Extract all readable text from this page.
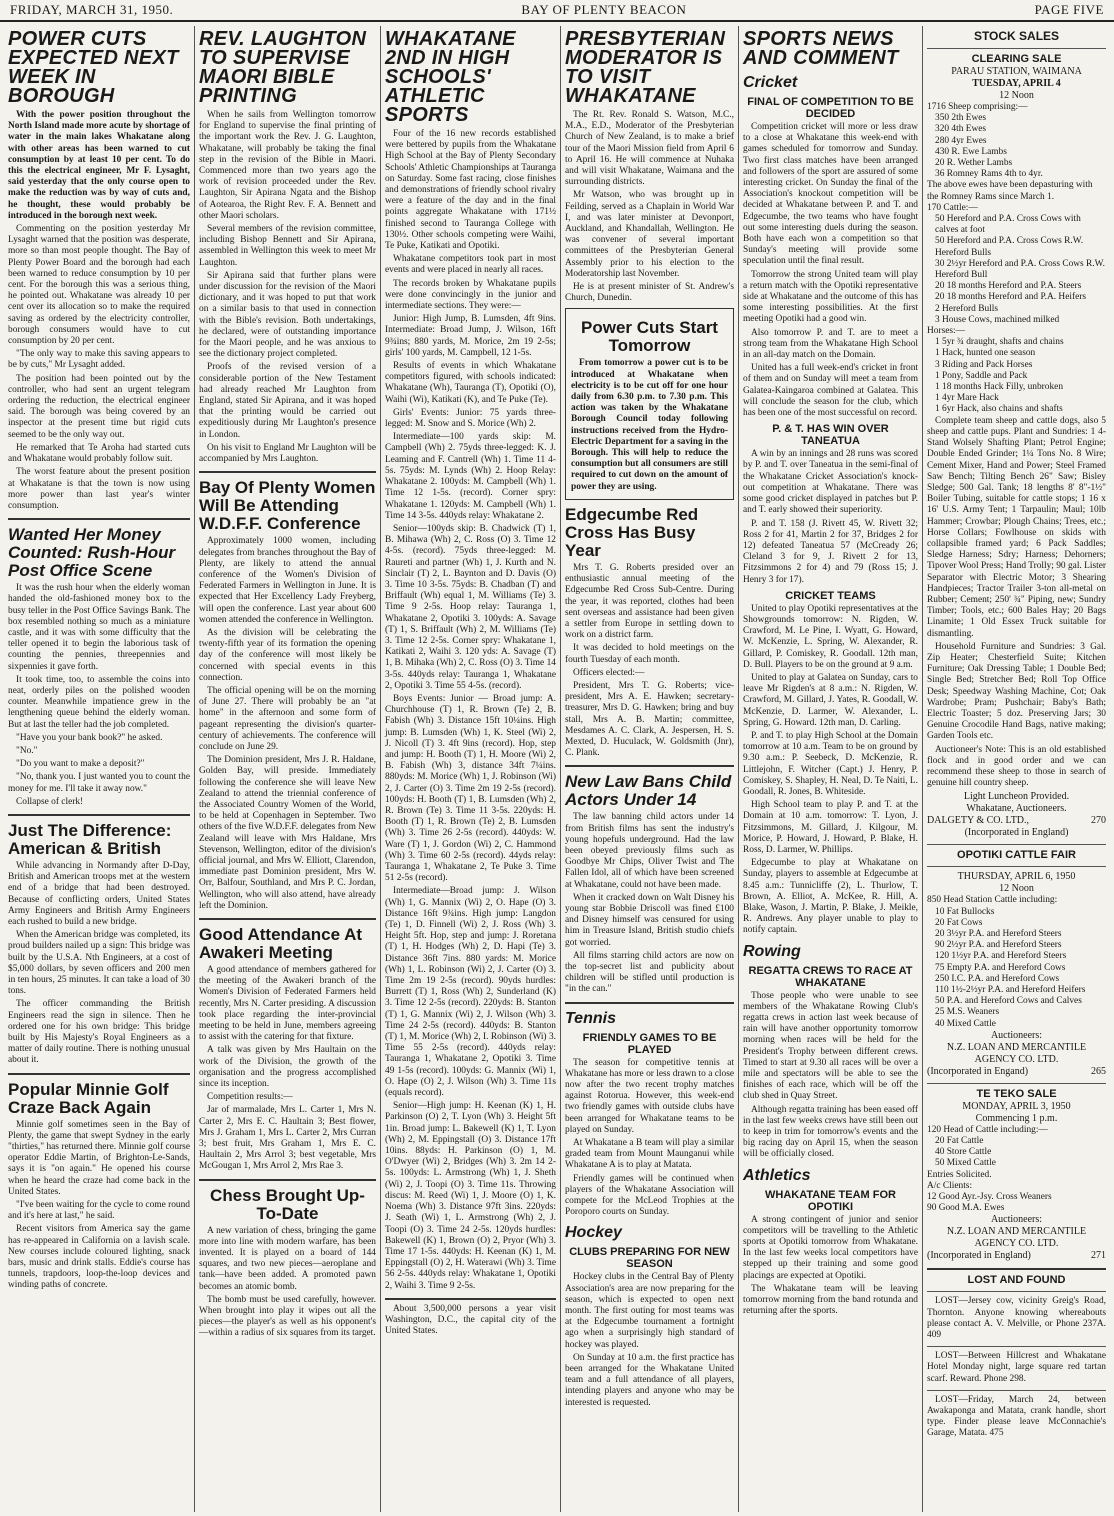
FRIDAY, MARCH 31, 1950.	BAY OF PLENTY BEACON	PAGE FIVE
POWER CUTS EXPECTED NEXT WEEK IN BOROUGH

With the power position throughout the North Island made more acute by shortage of water in the main lakes Whakatane along with other areas has been warned to cut consumption by at least 10 per cent. To do this the electrical engineer, Mr F. Lysaght, said yesterday that the only course open to make the reduction was by way of cuts and, he thought, these would probably be introduced in the borough next week.

Commenting on the position yesterday Mr Lysaght warned that the position was desperate, more so than most people thought. The Bay of Plenty Power Board and the borough had each been warned to reduce consumption by 10 per cent. For the borough this was a serious thing, he pointed out. Whakatane was already 10 per cent over its allocation so to make the required saving as ordered by the electricity controller, borough consumers would have to cut consumption by 20 per cent.

"The only way to make this saving appears to be by cuts," Mr Lysaght added.

The position had been pointed out by the controller, who had sent an urgent telegram ordering the reduction, the electrical engineer said. The borough was being covered by an inspector at the present time but rigid cuts seemed to be the only way out.

He remarked that Te Aroha had started cuts and Whakatane would probably follow suit.

The worst feature about the present position at Whakatane is that the town is now using more power than last year's winter consumption.

Wanted Her Money Counted: Rush-Hour Post Office Scene

It was the rush hour when the elderly woman handed the old-fashioned money box to the busy teller in the Post Office Savings Bank. The box resembled nothing so much as a miniature castle, and it was with some difficulty that the teller opened it to begin the laborious task of counting the pennies, threepennies and sixpennies it gave forth.

It took time, too, to assemble the coins into neat, orderly piles on the polished wooden counter. Meanwhile impatience grew in the lengthening queue behind the elderly woman. But at last the teller had the job completed.

"Have you your bank book?" he asked.

"No."

"Do you want to make a deposit?"

"No, thank you. I just wanted you to count the money for me. I'll take it away now."

Collapse of clerk!

Just The Difference: American & British

While advancing in Normandy after D-Day, British and American troops met at the western end of a bridge that had been destroyed. Because of conflicting orders, United States Army Engineers and British Army Engineers each rushed to build a new bridge.

When the American bridge was completed, its proud builders nailed up a sign: This bridge was built by the U.S.A. Nth Engineers, at a cost of $5,000 dollars, by seven officers and 200 men in ten hours, 25 minutes. It can take a load of 30 tons.

The officer commanding the British Engineers read the sign in silence. Then he ordered one for his own bridge: This bridge built by His Majesty's Royal Engineers as a matter of daily routine. There is nothing unusual about it.

Popular Minnie Golf Craze Back Again

Minnie golf sometimes seen in the Bay of Plenty, the game that swept Sydney in the early "thirties," has returned there. Minnie golf course operator Eddie Martin, of Brighton-Le-Sands, says it is "on again." He opened his course when he heard the craze had come back in the United States.

"I've been waiting for the cycle to come round and it's here at last," he said.

Recent visitors from America say the game has re-appeared in California on a lavish scale. New courses include coloured lighting, snack bars, music and drink stalls. Eddie's course has tunnels, trapdoors, loop-the-loop devices and winding paths of concrete.

REV. LAUGHTON TO SUPERVISE MAORI BIBLE PRINTING

When he sails from Wellington tomorrow for England to supervise the final printing of the important work the Rev. J. G. Laughton, Whakatane, will probably be taking the final step in the revision of the Bible in Maori. Commenced more than two years ago the work of revision proceeded under the Rev. Laughton, Sir Apirana Ngata and the Bishop of Aotearoa, the Right Rev. F. A. Bennett and other Maori scholars.

Several members of the revision committee, including Bishop Bennett and Sir Apirana, assembled in Wellington this week to meet Mr Laughton.

Sir Apirana said that further plans were under discussion for the revision of the Maori dictionary, and it was hoped to put that work on a similar basis to that used in connection with the Bible's revision. Both undertakings, he declared, were of outstanding importance for the Maori people, and he was anxious to see the dictionary project completed.

Proofs of the revised version of a considerable portion of the New Testament had already reached Mr Laughton from England, stated Sir Apirana, and it was hoped that the printing would be carried out expeditiously during Mr Laughton's presence in London.

On his visit to England Mr Laughton will be accompanied by Mrs Laughton.

Bay Of Plenty Women Will Be Attending W.D.F.F. Conference

Approximately 1000 women, including delegates from branches throughout the Bay of Plenty, are likely to attend the annual conference of the Women's Division of Federated Farmers in Wellington in June. It is expected that Her Excellency Lady Freyberg, will open the conference. Last year about 600 women attended the conference in Wellington.

As the division will be celebrating the twenty-fifth year of its formation the opening day of the conference will most likely be concerned with special events in this connection.

The official opening will be on the morning of June 27. There will probably be an "at home" in the afternoon and some form of pageant representing the division's quarter-century of achievements. The conference will conclude on June 29.

The Dominion president, Mrs J. R. Haldane, Golden Bay, will preside. Immediately following the conference she will leave New Zealand to attend the triennial conference of the Associated Country Women of the World, to be held at Copenhagen in September. Two others of the five W.D.F.F. delegates from New Zealand will leave with Mrs Haldane, Mrs Stevenson, Wellington, editor of the division's official journal, and Mrs W. Elliott, Clarendon, immediate past Dominion president, Mrs W. Orr, Balfour, Southland, and Mrs P. C. Jordan, Wellington, who will also attend, have already left the Dominion.

Good Attendance At Awakeri Meeting

A good attendance of members gathered for the meeting of the Awakeri branch of the Women's Division of Federated Farmers held recently, Mrs N. Carter presiding. A discussion took place regarding the inter-provincial meeting to be held in June, members agreeing to assist with the catering for that fixture.

A talk was given by Mrs Haultain on the work of the Division, the growth of the organisation and the progress accomplished since its inception.

Competition results:—

Jar of marmalade, Mrs L. Carter 1, Mrs N. Carter 2, Mrs E. C. Haultain 3; Best flower, Mrs J. Graham 1, Mrs L. Carter 2, Mrs Curran 3; best fruit, Mrs Graham 1, Mrs E. C. Haultain 2, Mrs Arrol 3; best vegetable, Mrs McGougan 1, Mrs Arrol 2, Mrs Rae 3.

Chess Brought Up-To-Date

A new variation of chess, bringing the game more into line with modern warfare, has been invented. It is played on a board of 144 squares, and two new pieces—aeroplane and tank—have been added. A promoted pawn becomes an atomic bomb.

The bomb must be used carefully, however. When brought into play it wipes out all the pieces—the player's as well as his opponent's—within a radius of six squares from its target.

WHAKATANE 2ND IN HIGH SCHOOLS' ATHLETIC SPORTS

Four of the 16 new records established were bettered by pupils from the Whakatane High School at the Bay of Plenty Secondary Schools' Athletic Championships at Tauranga on Saturday. Some fast racing, close finishes and demonstrations of friendly school rivalry were a feature of the day and in the final points aggregate Whakatane with 171½ finished second to Tauranga College with 130½. Other schools competing were Waihi, Te Puke, Katikati and Opotiki.

Whakatane competitors took part in most events and were placed in nearly all races.

The records broken by Whakatane pupils were done convincingly in the junior and intermediate sections. They were:—

Junior: High Jump, B. Lumsden, 4ft 9ins. Intermediate: Broad Jump, J. Wilson, 16ft 9¾ins; 880 yards, M. Morice, 2m 19 2-5s; girls' 100 yards, M. Campbell, 12 1-5s.

Results of events in which Whakatane competitors figured, with schools indicated: Whakatane (Wh), Tauranga (T), Opotiki (O), Waihi (Wi), Katikati (K), and Te Puke (Te).

Girls' Events: Junior: 75 yards three-legged: M. Snow and S. Morice (Wh) 2.

Intermediate—100 yards skip: M. Campbell (Wh) 2. 75yds three-legged: K. J. Leaming and F. Cantrell (Wh) 1. Time 11 4-5s. 75yds: M. Lynds (Wh) 2. Hoop Relay: Whakatane 2. 100yds: M. Campbell (Wh) 1. Time 12 1-5s. (record). Corner spry: Whakatane 1. 120yds: M. Campbell (Wh) 1. Time 14 3-5s. 440yds relay: Whakatane 2.

Senior—100yds skip: B. Chadwick (T) 1, B. Mihawa (Wh) 2, C. Ross (O) 3. Time 12 4-5s. (record). 75yds three-legged: M. Raureti and partner (Wh) 1, J. Kurth and N. Sinclair (T) 2, L. Baynton and D. Davis (O) 3. Time 10 3-5s. 75yds: B. Chadban (T) and Briffault (Wh) equal 1, M. Williams (Te) 3. Time 9 2-5s. Hoop relay: Tauranga 1, Whakatane 2, Opotiki 3. 100yds: A. Savage (T) 1, S. Briffault (Wh) 2, M. Williams (Te) 3. Time 12 2-5s. Corner spry: Whakatane 1, Katikati 2, Waihi 3. 120 yds: A. Savage (T) 1, B. Mihaka (Wh) 2, C. Ross (O) 3. Time 14 3-5s. 440yds relay: Tauranga 1, Whakatane 2, Opotiki 3. Time 55 4-5s. (record).

Boys Events: Junior — Broad jump: A. Churchhouse (T) 1, R. Brown (Te) 2, B. Fabish (Wh) 3. Distance 15ft 10¼ins. High jump: B. Lumsden (Wh) 1, K. Steel (Wi) 2, J. Nicoll (T) 3. 4ft 9ins (record). Hop, step and jump: H. Booth (T) 1, H. Moore (Wi) 2, B. Fabish (Wh) 3, distance 34ft 7¼ins. 880yds: M. Morice (Wh) 1, J. Robinson (Wi) 2, J. Carter (O) 3. Time 2m 19 2-5s (record). 100yds: H. Booth (T) 1, B. Lumsden (Wh) 2, R. Brown (Te) 3. Time 11 3-5s. 220yds: H. Booth (T) 1, R. Brown (Te) 2, B. Lumsden (Wh) 3. Time 26 2-5s (record). 440yds: W. Ware (T) 1, J. Gordon (Wi) 2, C. Hammond (Wh) 3. Time 60 2-5s (record). 44yds relay: Tauranga 1, Whakatane 2, Te Puke 3. Time 51 2-5s (record).

Intermediate—Broad jump: J. Wilson (Wh) 1, G. Mannix (Wi) 2, O. Hape (O) 3. Distance 16ft 9¾ins. High jump: Langdon (Te) 1, D. Finnell (Wi) 2, J. Ross (Wh) 3. Height 5ft. Hop, step and jump: J. Roretana (T) 1, H. Hodges (Wh) 2, D. Hapi (Te) 3. Distance 36ft 7ins. 880 yards: M. Morice (Wh) 1, L. Robinson (Wi) 2, J. Carter (O) 3. Time 2m 19 2-5s (record). 90yds hurdles: Burrett (T) 1, Ross (Wh) 2, Sunderland (K) 3. Time 12 2-5s (record). 220yds: B. Stanton (T) 1, G. Mannix (Wi) 2, J. Wilson (Wh) 3. Time 24 2-5s (record). 440yds: B. Stanton (T) 1, M. Morice (Wh) 2, I. Robinson (Wi) 3. Time 55 2-5s (record). 440yds relay: Tauranga 1, Whakatane 2, Opotiki 3. Time 49 1-5s (record). 100yds: G. Mannix (Wi) 1, O. Hape (O) 2, J. Wilson (Wh) 3. Time 11s (equals record).

Senior—High jump: H. Keenan (K) 1, H. Parkinson (O) 2, T. Lyon (Wh) 3. Height 5ft 1in. Broad jump: L. Bakewell (K) 1, T. Lyon (Wh) 2, M. Eppingstall (O) 3. Distance 17ft 10ins. 88yds: H. Parkinson (O) 1, M. O'Dwyer (Wi) 2, Bridges (Wh) 3. 2m 14 2-5s. 100yds: L. Armstrong (Wh) 1, J. Sheth (Wi) 2, J. Toopi (O) 3. Time 11s. Throwing discus: M. Reed (Wi) 1, J. Moore (O) 1, K. Noema (Wh) 3. Distance 97ft 3ins. 220yds: J. Seath (Wi) 1, L. Armstrong (Wh) 2, J. Toopi (O) 3. Time 24 2-5s. 120yds hurdles: Bakewell (K) 1, Brown (O) 2, Pryor (Wh) 3. Time 17 1-5s. 440yds: H. Keenan (K) 1, M. Eppingstall (O) 2, H. Waterawi (Wh) 3. Time 56 2-5s. 440yds relay: Whakatane 1, Opotiki 2, Waihi 3. Time 9 2-5s.

About 3,500,000 persons a year visit Washington, D.C., the capital city of the United States.

PRESBYTERIAN MODERATOR IS TO VISIT WHAKATANE

The Rt. Rev. Ronald S. Watson, M.C., M.A., E.D., Moderator of the Presbyterian Church of New Zealand, is to make a brief tour of the Maori Mission field from April 6 to April 16. He will commence at Nuhaka and will visit Whakatane, Waimana and the surrounding districts.

Mr Watson, who was brought up in Feilding, served as a Chaplain in World War I, and was later minister at Devonport, Auckland, and Khandallah, Wellington. He was convener of several important committees of the Presbyterian General Assembly prior to his election to the Moderatorship last November.

He is at present minister of St. Andrew's Church, Dunedin.

Power Cuts Start Tomorrow

From tomorrow a power cut is to be introduced at Whakatane when electricity is to be cut off for one hour daily from 6.30 p.m. to 7.30 p.m. This action was taken by the Whakatane Borough Council today following instructions received from the Hydro-Electric Department for a saving in the Borough. This will help to reduce the consumption but all consumers are still required to cut down on the amount of power they are using.

Edgecumbe Red Cross Has Busy Year

Mrs T. G. Roberts presided over an enthusiastic annual meeting of the Edgecumbe Red Cross Sub-Centre. During the year, it was reported, clothes had been sent overseas and assistance had been given a settler from Europe in settling down to work on a district farm.

It was decided to hold meetings on the fourth Tuesday of each month.

Officers elected:—

President, Mrs T. G. Roberts; vice-president, Mrs A. E. Hawken; secretary-treasurer, Mrs D. G. Hawken; bring and buy stall, Mrs A. B. Martin; committee, Mesdames A. C. Clark, A. Jespersen, H. S. Mexted, D. Huculack, W. Goldsmith (Jnr), C. Plank.

New Law Bans Child Actors Under 14

The law banning child actors under 14 from British films has sent the industry's young hopefuls underground. Had the law been obeyed previously films such as Goodbye Mr Chips, Oliver Twist and The Fallen Idol, all of which have been screened at Whakatane, could not have been made.

When it cracked down on Walt Disney his young star Bobbie Driscoll was fined £100 and Disney himself was censured for using him in Treasure Island, British studio chiefs got worried.

All films starring child actors are now on the top-secret list and publicity about children will be stifled until production is "in the can."

Tennis
FRIENDLY GAMES TO BE PLAYED

The season for competitive tennis at Whakatane has more or less drawn to a close now after the two recent trophy matches against Rotorua. However, this week-end two friendly games with outside clubs have been arranged for Whakatane teams to be played on Sunday.

At Whakatane a B team will play a similar graded team from Mount Maunganui while Whakatane A is to play at Matata.

Friendly games will be continued when players of the Whakatane Association will compete for the McLeod Trophies at the Poroporo courts on Sunday.

Hockey
CLUBS PREPARING FOR NEW SEASON

Hockey clubs in the Central Bay of Plenty Association's area are now preparing for the season, which is expected to open next month. The first outing for most teams was at the Edgecumbe tournament a fortnight ago when a surprisingly high standard of hockey was played.

On Sunday at 10 a.m. the first practice has been arranged for the Whakatane United team and a full attendance of all players, intending players and anyone who may be interested is requested.

SPORTS NEWS AND COMMENT
Cricket
FINAL OF COMPETITION TO BE DECIDED

Competition cricket will more or less draw to a close at Whakatane this week-end with games scheduled for tomorrow and Sunday. Two first class matches have been arranged and followers of the sport are assured of some interesting cricket. On Sunday the final of the Association's knockout competition will be decided at Whakatane between P. and T. and Edgecumbe, the two teams who have fought out some interesting duels during the season. Both have each won a competition so that Sunday's meeting will provide some speculation until the final result.

Tomorrow the strong United team will play a return match with the Opotiki representative side at Whakatane and the outcome of this has some interesting possibilities. At the first meeting Opotiki had a good win.

Also tomorrow P. and T. are to meet a strong team from the Whakatane High School in an all-day match on the Domain.

United has a full week-end's cricket in front of them and on Sunday will meet a team from Galatea-Kaingaroa combined at Galatea. This will conclude the season for the club, which has been one of the most successful on record.

P. & T. HAS WIN OVER TANEATUA

A win by an innings and 28 runs was scored by P. and T. over Taneatua in the semi-final of the Whakatane Cricket Association's knock-out competition at Whakatane. There was some good cricket displayed in patches but P. and T. early showed their superiority.

P. and T. 158 (J. Rivett 45, W. Rivett 32; Ross 2 for 41, Martin 2 for 37, Bridges 2 for 12) defeated Taneatua 57 (McCready 26; Cleland 3 for 9, J. Rivett 2 for 13, Fitzsimmons 2 for 4) and 79 (Ross 15; J. Henry 3 for 17).

CRICKET TEAMS

United to play Opotiki representatives at the Showgrounds tomorrow: N. Rigden, W. Crawford, M. Le Pine, I. Wyatt, G. Howard, W. McKenzie, L. Spring, W. Alexander, R. Gillard, P. Comiskey, R. Goodall. 12th man, D. Bull. Players to be on the ground at 9 a.m.

United to play at Galatea on Sunday, cars to leave Mr Rigden's at 8 a.m.: N. Rigden, W. Crawford, M. Gillard, J. Yates, R. Goodall, W. McKenzie, D. Larmer, W. Alexander, L. Spring, G. Howard. 12th man, D. Carling.

P. and T. to play High School at the Domain tomorrow at 10 a.m. Team to be on ground by 9.30 a.m.: P. Seebeck, D. McKenzie, R. Littlejohn, F. Witcher (Capt.) J. Henry, P. Comiskey, S. Shapley, H. Neal, D. Te Naiti, L. Goodall, R. Jones, B. Whiteside.

High School team to play P. and T. at the Domain at 10 a.m. tomorrow: T. Lyon, J. Fitzsimmons, M. Gillard, J. Kilgour, M. Morice, P. Howard, J. Howard, P. Blake, H. Ross, D. Larmer, W. Phillips.

Edgecumbe to play at Whakatane on Sunday, players to assemble at Edgecumbe at 8.45 a.m.: Tunnicliffe (2), L. Thurlow, T. Brown, A. Elliot, A. McKee, R. Hill, A. Blake, Wason, J. Martin, P. Blake, J. Meikle, R. Andrews. Any player unable to play to notify captain.

Rowing
REGATTA CREWS TO RACE AT WHAKATANE

Those people who were unable to see members of the Whakatane Rowing Club's regatta crews in action last week because of rain will have another opportunity tomorrow morning when races will be held for the President's Trophy between different crews. Timed to start at 9.30 all races will be over a mile and spectators will be able to see the finishes of each race, which will be off the club shed in Quay Street.

Although regatta training has been eased off in the last few weeks crews have still been out to keep in trim for tomorrow's events and the big racing day on April 15, when the season will be officially closed.

Athletics
WHAKATANE TEAM FOR OPOTIKI

A strong contingent of junior and senior competitors will be travelling to the Athletic sports at Opotiki tomorrow from Whakatane. In the last few weeks local competitors have stepped up their training and some good placings are expected at Opotiki.

The Whakatane team will be leaving tomorrow morning from the band rotunda and returning after the sports.

STOCK SALES
CLEARING SALE
PARAU STATION, WAIMANA
TUESDAY, APRIL 4
12 Noon
1716 Sheep comprising:—
350 2th Ewes
320 4th Ewes
280 4yr Ewes
430 R. Ewe Lambs
20 R. Wether Lambs
36 Romney Rams 4th to 4yr.
The above ewes have been depasturing with the Romney Rams since March 1.
170 Cattle:—
50 Hereford and P.A. Cross Cows with calves at foot
50 Hereford and P.A. Cross Cows R.W. Hereford Bulls
30 2½yr Hereford and P.A. Cross Cows R.W. Hereford Bull
20 18 months Hereford and P.A. Steers
20 18 months Hereford and P.A. Heifers
2 Hereford Bulls
3 House Cows, machined milked
Horses:—
1 5yr ¾ draught, shafts and chains
1 Hack, hunted one season
3 Riding and Pack Horses
1 Pony, Saddle and Pack
1 18 months Hack Filly, unbroken
1 4yr Mare Hack
1 6yr Hack, also chains and shafts

Complete team sheep and cattle dogs, also 5 sheep and cattle pups. Plant and Sundries: 1 4-Stand Wolsely Shafting Plant; Petrol Engine; Double Ended Grinder; 1¼ Tons No. 8 Wire; Cement Mixer, Hand and Power; Steel Framed Saw Bench; Tilting Bench 26" Saw; Bisley Sledge; 500 Gal. Tank; 18 lengths 8' 8"-1½" Boiler Tubing, suitable for cattle stops; 1 16 x 16' U.S. Army Tent; 1 Tarpaulin; Maul; 10lb Hammer; Crowbar; Plough Chains; Trees, etc.; Horse Collars; Fowlhouse on skids with collapsible framed yard; 6 Pack Saddles; Sledge Harness; Sdry; Harness; Dehorners; Tipover Wool Press; Hand Trolly; 90 gal. Lister Separator with Electric Motor; 3 Shearing Handpieces; Tractor Trailer 3-ton all-metal on Rubber; Cement; 250' ¾" Piping, new; Sundry Timber; Tools, etc.; 600 Bales Hay; 20 Bags Linamite; 1 Old Essex Truck suitable for dismantling.

Household Furniture and Sundries: 3 Gal. Zip Heater; Chesterfield Suite; Kitchen Furniture; Oak Dressing Table; 1 Double Bed; Single Bed; Stretcher Bed; Roll Top Office Desk; Speedway Washing Machine, Cot; Oak Wardrobe; Pram; Pushchair; Baby's Bath; Electric Toaster; 5 doz. Preserving Jars; 30 Genuine Crocodile Hand Bags, native making; Garden Tools etc.

Auctioneer's Note: This is an old established flock and in good order and we can recommend these sheep to those in search of genuine hill country sheep.

Light Luncheon Provided.
Whakatane, Auctioneers.
DALGETY & CO. LTD.,	270
(Incorporated in England)
OPOTIKI CATTLE FAIR
THURSDAY, APRIL 6, 1950
12 Noon
850 Head Station Cattle including:
10 Fat Bullocks
20 Fat Cows
20 3½yr P.A. and Hereford Steers
90 2½yr P.A. and Hereford Steers
120 1½yr P.A. and Hereford Steers
75 Empty P.A. and Hereford Cows
250 I.C. P.A. and Hereford Cows
110 1½-2½yr P.A. and Hereford Heifers
50 P.A. and Hereford Cows and Calves
25 M.S. Weaners
40 Mixed Cattle
Auctioneers:
N.Z. LOAN AND MERCANTILE AGENCY CO. LTD.
(Incorporated in Engand)	265
TE TEKO SALE
MONDAY, APRIL 3, 1950
Commencing 1 p.m.
120 Head of Cattle including:—
20 Fat Cattle
40 Store Cattle
50 Mixed Cattle
Entries Solicited.
A/c Clients:
12 Good Ayr.-Jsy. Cross Weaners
90 Good M.A. Ewes
Auctioneers:
N.Z. LOAN AND MERCANTILE AGENCY CO. LTD.
(Incorporated in England)	271
LOST AND FOUND

LOST—Jersey cow, vicinity Greig's Road, Thornton. Anyone knowing whereabouts please contact A. V. Melville, or Phone 237A. 409

LOST—Between Hillcrest and Whakatane Hotel Monday night, large square red tartan scarf. Reward. Phone 298.

LOST—Friday, March 24, between Awakaponga and Matata, crank handle, short type. Finder please leave McConnachie's Garage, Matata. 475
